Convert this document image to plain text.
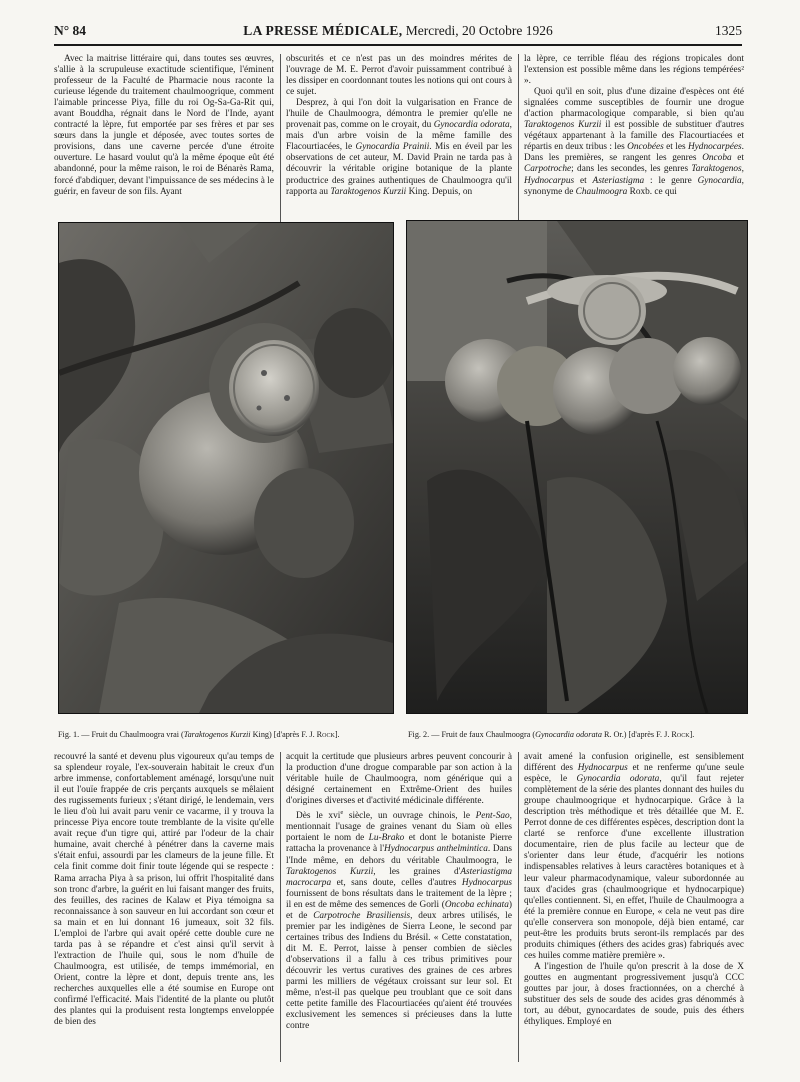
N° 84	LA PRESSE MÉDICALE, Mercredi, 20 Octobre 1926	1325

Avec la maitrise littéraire qui, dans toutes ses œuvres, s'allie à la scrupuleuse exactitude scientifique, l'éminent professeur de la Faculté de Pharmacie nous raconte la curieuse légende du traitement chaulmoogrique, comment l'aimable princesse Piya, fille du roi Og-Sa-Ga-Rit qui, avant Bouddha, régnait dans le Nord de l'Inde, ayant contracté la lèpre, fut emportée par ses frères et par ses sœurs dans la jungle et déposée, avec toutes sortes de provisions, dans une caverne percée d'une étroite ouverture. Le hasard voulut qu'à la même époque eût été abandonné, pour la même raison, le roi de Bénarès Rama, forcé d'abdiquer, devant l'impuissance de ses médecins à le guérir, en faveur de son fils. Ayant

obscurités et ce n'est pas un des moindres mérites de l'ouvrage de M. E. Perrot d'avoir puissamment contribué à les dissiper en coordonnant toutes les notions qui ont cours à ce sujet.

Desprez, à qui l'on doit la vulgarisation en France de l'huile de Chaulmoogra, démontra le premier qu'elle ne provenait pas, comme on le croyait, du Gynocardia odorata, mais d'un arbre voisin de la même famille des Flacourtiacées, le Gynocardia Prainii. Mis en éveil par les observations de cet auteur, M. David Prain ne tarda pas à découvrir la véritable origine botanique de la plante productrice des graines authentiques de Chaulmoogra qu'il rapporta au Taraktogenos Kurzii King. Depuis, on

la lèpre, ce terrible fléau des régions tropicales dont l'extension est possible même dans les régions tempérées² ».

Quoi qu'il en soit, plus d'une dizaine d'espèces ont été signalées comme susceptibles de fournir une drogue d'action pharmacologique comparable, si bien qu'au Taraktogenos Kurzii il est possible de substituer d'autres végétaux appartenant à la famille des Flacourtiacées et répartis en deux tribus : les Oncobées et les Hydnocarpées. Dans les premières, se rangent les genres Oncoba et Carpotroche; dans les secondes, les genres Taraktogenos, Hydnocarpus et Asteriastigma : le genre Gynocardia, synonyme de Chaulmoogra Roxb. ce qui

Fig. 1. — Fruit du Chaulmoogra vrai (Taraktogenos Kurzii King) [d'après F. J. Rock].	Fig. 2. — Fruit de faux Chaulmoogra (Gynocardia odorata R. Or.) [d'après F. J. Rock].

recouvré la santé et devenu plus vigoureux qu'au temps de sa splendeur royale, l'ex-souverain habitait le creux d'un arbre immense, confortablement aménagé, lorsqu'une nuit il eut l'ouïe frappée de cris perçants auxquels se mêlaient des rugissements furieux ; s'étant dirigé, le lendemain, vers le lieu d'où lui avait paru venir ce vacarme, il y trouva la princesse Piya encore toute tremblante de la visite qu'elle avait reçue d'un tigre qui, attiré par l'odeur de la chair humaine, avait cherché à pénétrer dans la caverne mais s'était enfui, assourdi par les clameurs de la jeune fille. Et cela finit comme doit finir toute légende qui se respecte : Rama arracha Piya à sa prison, lui offrit l'hospitalité dans son tronc d'arbre, la guérit en lui faisant manger des fruits, des feuilles, des racines de Kalaw et Piya témoigna sa reconnaissance à son sauveur en lui accordant son cœur et sa main et en lui donnant 16 jumeaux, soit 32 fils. L'emploi de l'arbre qui avait opéré cette double cure ne tarda pas à se répandre et c'est ainsi qu'il servit à l'extraction de l'huile qui, sous le nom d'huile de Chaulmoogra, est utilisée, de temps immémorial, en Orient, contre la lèpre et dont, depuis trente ans, les recherches auxquelles elle a été soumise en Europe ont confirmé l'efficacité. Mais l'identité de la plante ou plutôt des plantes qui la produisent resta longtemps enveloppée de bien des

acquit la certitude que plusieurs arbres peuvent concourir à la production d'une drogue comparable par son action à la véritable huile de Chaulmoogra, nom générique qui a désigné certainement en Extrême-Orient des huiles d'origines diverses et d'activité médicinale différente.

Dès le xvi$^e$ siècle, un ouvrage chinois, le Pent-Sao, mentionnait l'usage de graines venant du Siam où elles portaient le nom de Lu-Brako et dont le botaniste Pierre rattacha la provenance à l'Hydnocarpus anthelmintica. Dans l'Inde même, en dehors du véritable Chaulmoogra, le Taraktogenos Kurzii, les graines d'Asteriastigma macrocarpa et, sans doute, celles d'autres Hydnocarpus fournissent de bons résultats dans le traitement de la lèpre ; il en est de même des semences de Gorli (Oncoba echinata) et de Carpotroche Brasiliensis, deux arbres utilisés, le premier par les indigènes de Sierra Leone, le second par certaines tribus des Indiens du Brésil. « Cette constatation, dit M. E. Perrot, laisse à penser combien de siècles d'observations il a fallu à ces tribus primitives pour découvrir les vertus curatives des graines de ces arbres parmi les milliers de végétaux croissant sur leur sol. Et même, n'est-il pas quelque peu troublant que ce soit dans cette petite famille des Flacourtiacées qu'aient été trouvées exclusivement les semences si précieuses dans la lutte contre

avait amené la confusion originelle, est sensiblement différent des Hydnocarpus et ne renferme qu'une seule espèce, le Gynocardia odorata, qu'il faut rejeter complètement de la série des plantes donnant des huiles du groupe chaulmoogrique et hydnocarpique. Grâce à la description très méthodique et très détaillée que M. E. Perrot donne de ces différentes espèces, description dont la clarté se renforce d'une excellente illustration documentaire, rien de plus facile au lecteur que de s'orienter dans leur étude, d'acquérir les notions indispensables relatives à leurs caractères botaniques et à leur valeur pharmacodynamique, valeur subordonnée au taux d'acides gras (chaulmoogrique et hydnocarpique) qu'elles contiennent. Si, en effet, l'huile de Chaulmoogra a été la première connue en Europe, « cela ne veut pas dire qu'elle conservera son monopole, déjà bien entamé, car peut-être les produits bruts seront-ils remplacés par des produits chimiques (éthers des acides gras) fabriqués avec ces huiles comme matière première ».

A l'ingestion de l'huile qu'on prescrit à la dose de X gouttes en augmentant progressivement jusqu'à CCC gouttes par jour, à doses fractionnées, on a cherché à substituer des sels de soude des acides gras dénommés à tort, au début, gynocardates de soude, puis des éthers éthyliques. Employé en
